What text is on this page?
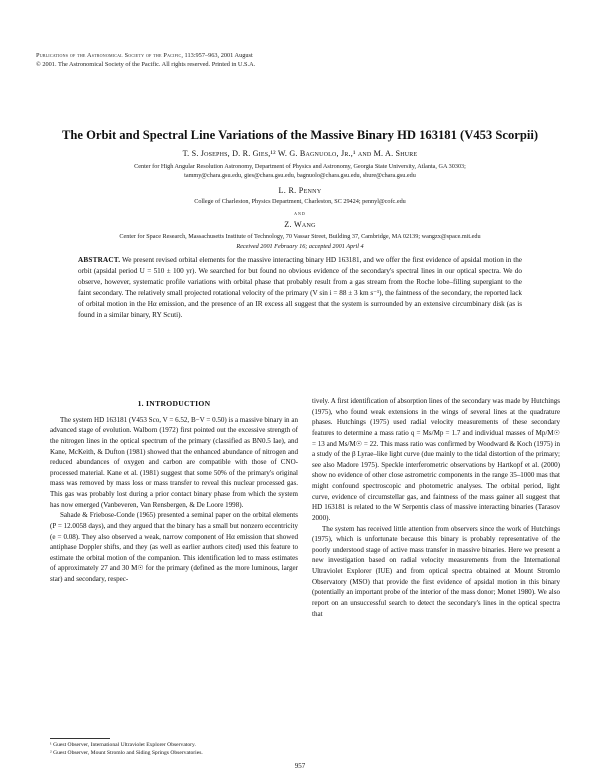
Publications of the Astronomical Society of the Pacific, 113:957–963, 2001 August
© 2001. The Astronomical Society of the Pacific. All rights reserved. Printed in U.S.A.
The Orbit and Spectral Line Variations of the Massive Binary HD 163181 (V453 Scorpii)
T. S. Josephs, D. R. Gies,¹² W. G. Bagnuolo, Jr.,¹ and M. A. Shure
Center for High Angular Resolution Astronomy, Department of Physics and Astronomy, Georgia State University, Atlanta, GA 30303;
tammy@chara.gsu.edu, gies@chara.gsu.edu, bagnuolo@chara.gsu.edu, shure@chara.gsu.edu
L. R. Penny
College of Charleston, Physics Department, Charleston, SC 29424; pennyl@cofc.edu
and
Z. Wang
Center for Space Research, Massachusetts Institute of Technology, 70 Vassar Street, Building 37, Cambridge, MA 02139; wangzx@space.mit.edu
Received 2001 February 16; accepted 2001 April 4
ABSTRACT. We present revised orbital elements for the massive interacting binary HD 163181, and we offer the first evidence of apsidal motion in the orbit (apsidal period U = 510 ± 100 yr). We searched for but found no obvious evidence of the secondary's spectral lines in our optical spectra. We do observe, however, systematic profile variations with orbital phase that probably result from a gas stream from the Roche lobe–filling supergiant to the faint secondary. The relatively small projected rotational velocity of the primary (V sin i = 88 ± 3 km s⁻¹), the faintness of the secondary, the reported lack of orbital motion in the Hα emission, and the presence of an IR excess all suggest that the system is surrounded by an extensive circumbinary disk (as is found in a similar binary, RY Scuti).
1. INTRODUCTION

The system HD 163181 (V453 Sco, V = 6.52, B−V = 0.50) is a massive binary in an advanced stage of evolution. Walborn (1972) first pointed out the excessive strength of the nitrogen lines in the optical spectrum of the primary (classified as BN0.5 Iae), and Kane, McKeith, & Dufton (1981) showed that the enhanced abundance of nitrogen and reduced abundances of oxygen and carbon are compatible with those of CNO-processed material. Kane et al. (1981) suggest that some 50% of the primary's original mass was removed by mass loss or mass transfer to reveal this nuclear processed gas. This gas was probably lost during a prior contact binary phase from which the system has now emerged (Vanbeveren, Van Rensbergen, & De Loore 1998).

Sahade & Friebose-Conde (1965) presented a seminal paper on the orbital elements (P = 12.0058 days), and they argued that the binary has a small but nonzero eccentricity (e = 0.08). They also observed a weak, narrow component of Hα emission that showed antiphase Doppler shifts, and they (as well as earlier authors cited) used this feature to estimate the orbital motion of the companion. This identification led to mass estimates of approximately 27 and 30 M☉ for the primary (defined as the more luminous, larger star) and secondary, respec-

tively. A first identification of absorption lines of the secondary was made by Hutchings (1975), who found weak extensions in the wings of several lines at the quadrature phases. Hutchings (1975) used radial velocity measurements of these secondary features to determine a mass ratio q = Ms/Mp = 1.7 and individual masses of Mp/M☉ = 13 and Ms/M☉ = 22. This mass ratio was confirmed by Woodward & Koch (1975) in a study of the β Lyrae–like light curve (due mainly to the tidal distortion of the primary; see also Madore 1975). Speckle interferometric observations by Hartkopf et al. (2000) show no evidence of other close astrometric components in the range 35–1000 mas that might confound spectroscopic and photometric analyses. The orbital period, light curve, evidence of circumstellar gas, and faintness of the mass gainer all suggest that HD 163181 is related to the W Serpentis class of massive interacting binaries (Tarasov 2000).

The system has received little attention from observers since the work of Hutchings (1975), which is unfortunate because this binary is probably representative of the poorly understood stage of active mass transfer in massive binaries. Here we present a new investigation based on radial velocity measurements from the International Ultraviolet Explorer (IUE) and from optical spectra obtained at Mount Stromlo Observatory (MSO) that provide the first evidence of apsidal motion in this binary (potentially an important probe of the interior of the mass donor; Monet 1980). We also report on an unsuccessful search to detect the secondary's lines in the optical spectra that

¹ Guest Observer, International Ultraviolet Explorer Observatory.
² Guest Observer, Mount Stromlo and Siding Springs Observatories.
957
